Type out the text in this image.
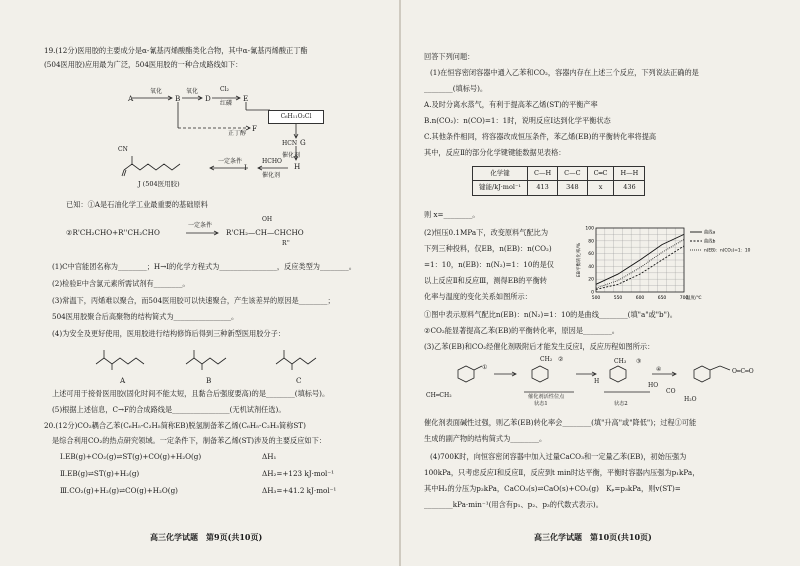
19.(12分)医用胶的主要成分是α-氰基丙烯酸酯类化合物，其中α-氰基丙烯酸正丁酯
(504医用胶)应用最为广泛，504医用胶的一种合成路线如下：
A	B	D	E
氧化	氧化	Cl₂
红磷
C₆H₁₁O₂Cl
F
正丁醇
G
HCN
催化剂
H
HCHO
催化剂
I
一定条件
CN
J (504医用胶)
已知：①A是石油化学工业最重要的基础原料
②R'CH₂CHO+R''CH₂CHO
一定条件
R'CH₂—CH—CHCHO
OH
R''
(1)C中官能团名称为________；H→I的化学方程式为________________，反应类型为________。
(2)检验E中含氯元素所需试剂有________。
(3)常温下，丙烯难以聚合，而504医用胶可以快速聚合，产生该差异的原因是________；
504医用胶聚合后高聚物的结构简式为________________。
(4)为安全及更好使用，医用胶进行结构修饰后得到三种新型医用胶分子：
A	B	C
上述可用于接骨医用胶(固化时间不能太短，且黏合后强度要高)的是________(填标号)。
(5)根据上述信息，C→F的合成路线是________________(无机试剂任选)。
20.(12分)CO₂耦合乙苯(C₆H₅-C₂H₅简称EB)脱氢制备苯乙烯(C₆H₅-C₂H₃简称ST)
是综合利用CO₂的热点研究领域。一定条件下，制备苯乙烯(ST)涉及的主要反应如下：
Ⅰ.EB(g)+CO₂(g)⇌ST(g)+CO(g)+H₂O(g)	ΔH₁
Ⅱ.EB(g)⇌ST(g)+H₂(g)	ΔH₂=+123 kJ·mol⁻¹
Ⅲ.CO₂(g)+H₂(g)⇌CO(g)+H₂O(g)	ΔH₃=+41.2 kJ·mol⁻¹
高三化学试题　第9页(共10页)
回答下列问题：
(1)在恒容密闭容器中通入乙苯和CO₂，容器内存在上述三个反应，下列说法正确的是
________(填标号)。
A.及时分离水蒸气，有利于提高苯乙烯(ST)的平衡产率
B.n(CO₂)：n(CO)=1：1时，说明反应Ⅰ达到化学平衡状态
C.其他条件相同，将容器改成恒压条件，苯乙烯(EB)的平衡转化率将提高
其中，反应Ⅱ的部分化学键键能数据见表格：
化学键	C—H	C—C	C═C	H—H
键能/kJ·mol⁻¹	413	348	x	436
则 x=________。
(2)恒压0.1MPa下，改变原料气配比为
下列三种投料，仅EB，n(EB)：n(CO₂)
=1：10，n(EB)：n(N₂)=1：10的是仅
以上反应Ⅱ和反应Ⅲ，测得EB的平衡转
化率与温度的变化关系如图所示：	500	550	600	650	700
0
20
40
60
80
100
EB平衡转化率/%
温度/℃
曲线a
曲线b
n(EB)：n(CO₂)=1：10
①图中表示原料气配比n(EB)：n(N₂)=1：10的是曲线________(填"a"或"b")。
②CO₂能显著提高乙苯(EB)的平衡转化率，原因是________。
(3)乙苯(EB)和CO₂经催化剂吸附后才能发生反应Ⅰ，反应历程如图所示：
CH═CH₂
①
②	③
④
CH₂	CH₃
H
HO
CO
H₂O
O═C═O
催化剂活性位点
状态1	状态2
催化剂表面碱性过强，则乙苯(EB)转化率会________(填"升高"或"降低")；过程①可能
生成的副产物的结构简式为________。
(4)700K时，向恒容密闭容器中加入过量CaCO₃和一定量乙苯(EB)，初始压强为
100kPa，只考虑反应Ⅰ和反应Ⅱ，反应到t min时达平衡，平衡时容器内压强为p₁kPa，
其中H₂的分压为p₂kPa，CaCO₃(s)⇌CaO(s)+CO₂(g)　Kₚ=p₃kPa，则v(ST)=
________kPa·min⁻¹(用含有p₁、p₂、p₃的代数式表示)。
高三化学试题　第10页(共10页)
